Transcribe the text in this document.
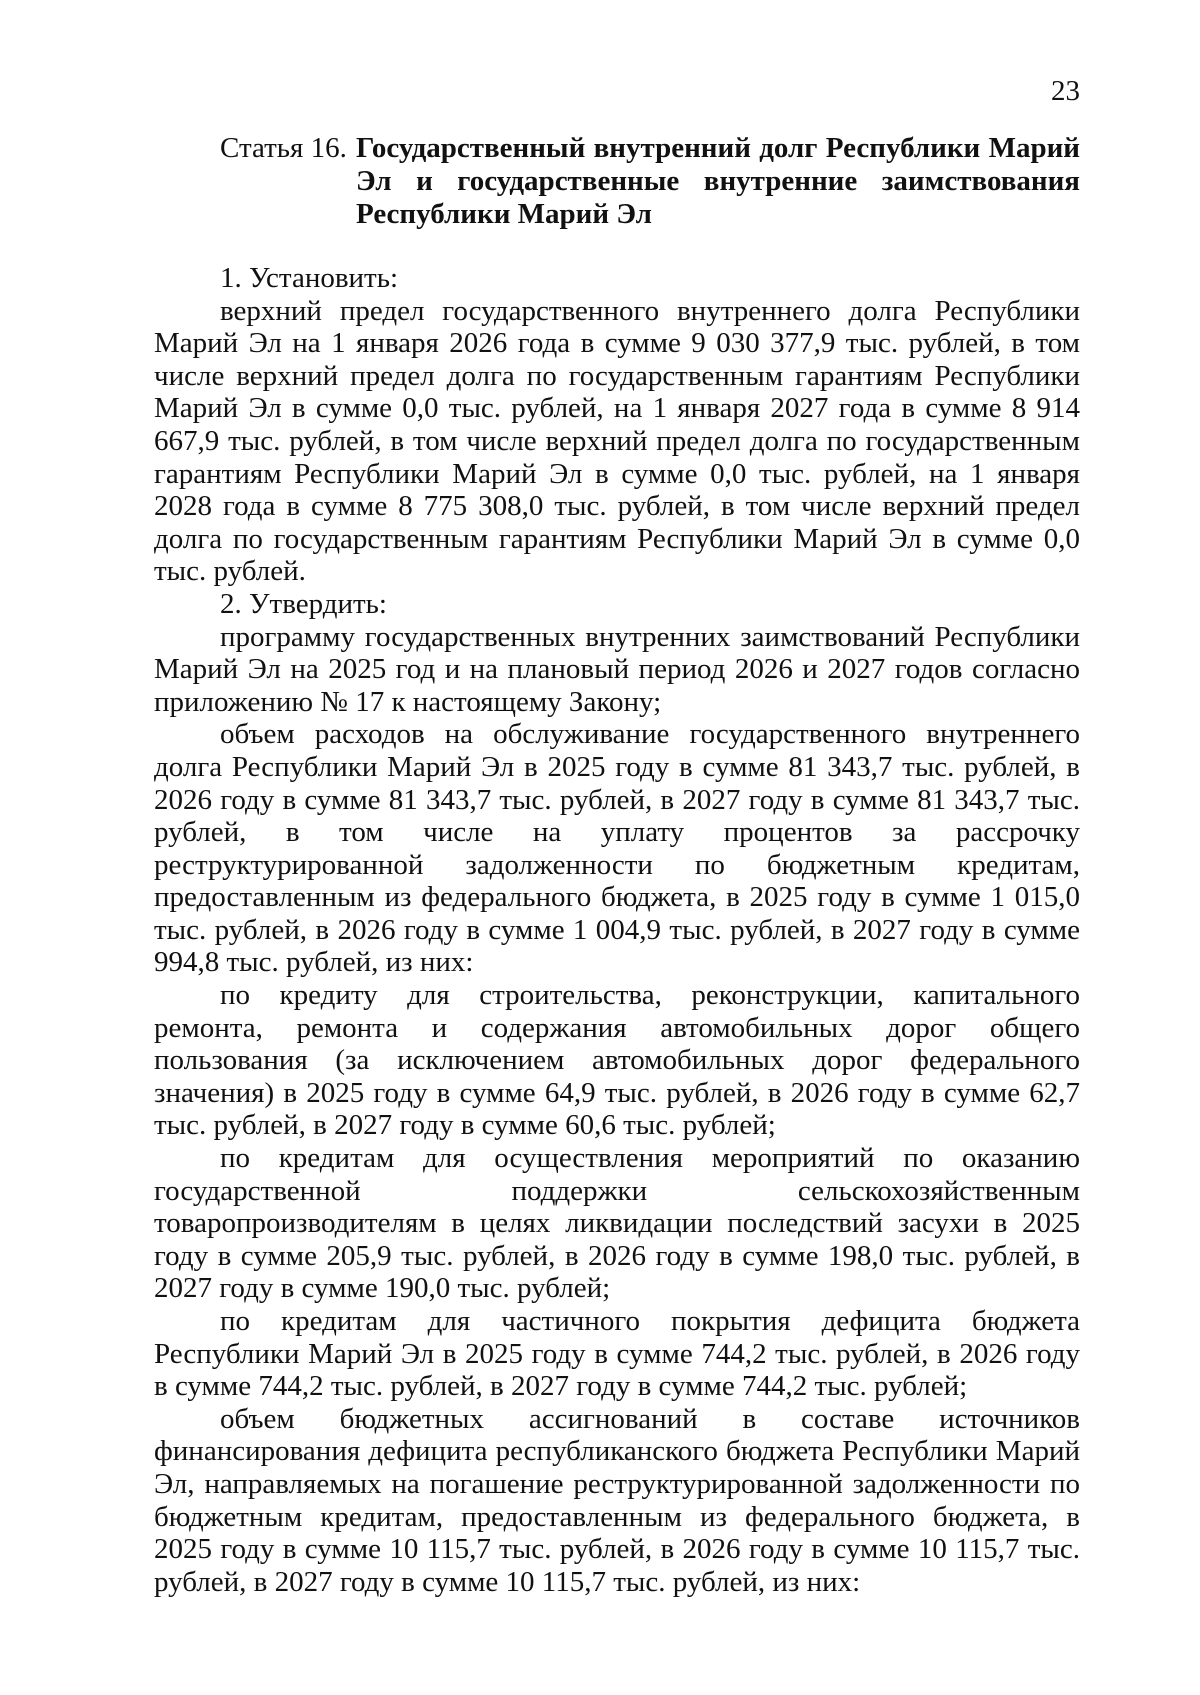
23
Статья 16. Государственный внутренний долг Республики Марий Эл и государственные внутренние заимствования Республики Марий Эл

1. Установить:

верхний предел государственного внутреннего долга Республики Марий Эл на 1 января 2026 года в сумме 9 030 377,9 тыс. рублей, в том числе верхний предел долга по государственным гарантиям Республики Марий Эл в сумме 0,0 тыс. рублей, на 1 января 2027 года в сумме 8 914 667,9 тыс. рублей, в том числе верхний предел долга по государственным гарантиям Республики Марий Эл в сумме 0,0 тыс. рублей, на 1 января 2028 года в сумме 8 775 308,0 тыс. рублей, в том числе верхний предел долга по государственным гарантиям Республики Марий Эл в сумме 0,0 тыс. рублей.

2. Утвердить:

программу государственных внутренних заимствований Республики Марий Эл на 2025 год и на плановый период 2026 и 2027 годов согласно приложению № 17 к настоящему Закону;

объем расходов на обслуживание государственного внутреннего долга Республики Марий Эл в 2025 году в сумме 81 343,7 тыс. рублей, в 2026 году в сумме 81 343,7 тыс. рублей, в 2027 году в сумме 81 343,7 тыс. рублей, в том числе на уплату процентов за рассрочку реструктурированной задолженности по бюджетным кредитам, предоставленным из федерального бюджета, в 2025 году в сумме 1 015,0 тыс. рублей, в 2026 году в сумме 1 004,9 тыс. рублей, в 2027 году в сумме 994,8 тыс. рублей, из них:

по кредиту для строительства, реконструкции, капитального ремонта, ремонта и содержания автомобильных дорог общего пользования (за исключением автомобильных дорог федерального значения) в 2025 году в сумме 64,9 тыс. рублей, в 2026 году в сумме 62,7 тыс. рублей, в 2027 году в сумме 60,6 тыс. рублей;

по кредитам для осуществления мероприятий по оказанию государственной поддержки сельскохозяйственным товаропроизводителям в целях ликвидации последствий засухи в 2025 году в сумме 205,9 тыс. рублей, в 2026 году в сумме 198,0 тыс. рублей, в 2027 году в сумме 190,0 тыс. рублей;

по кредитам для частичного покрытия дефицита бюджета Республики Марий Эл в 2025 году в сумме 744,2 тыс. рублей, в 2026 году в сумме 744,2 тыс. рублей, в 2027 году в сумме 744,2 тыс. рублей;

объем бюджетных ассигнований в составе источников финансирования дефицита республиканского бюджета Республики Марий Эл, направляемых на погашение реструктурированной задолженности по бюджетным кредитам, предоставленным из федерального бюджета, в 2025 году в сумме 10 115,7 тыс. рублей, в 2026 году в сумме 10 115,7 тыс. рублей, в 2027 году в сумме 10 115,7 тыс. рублей, из них:
